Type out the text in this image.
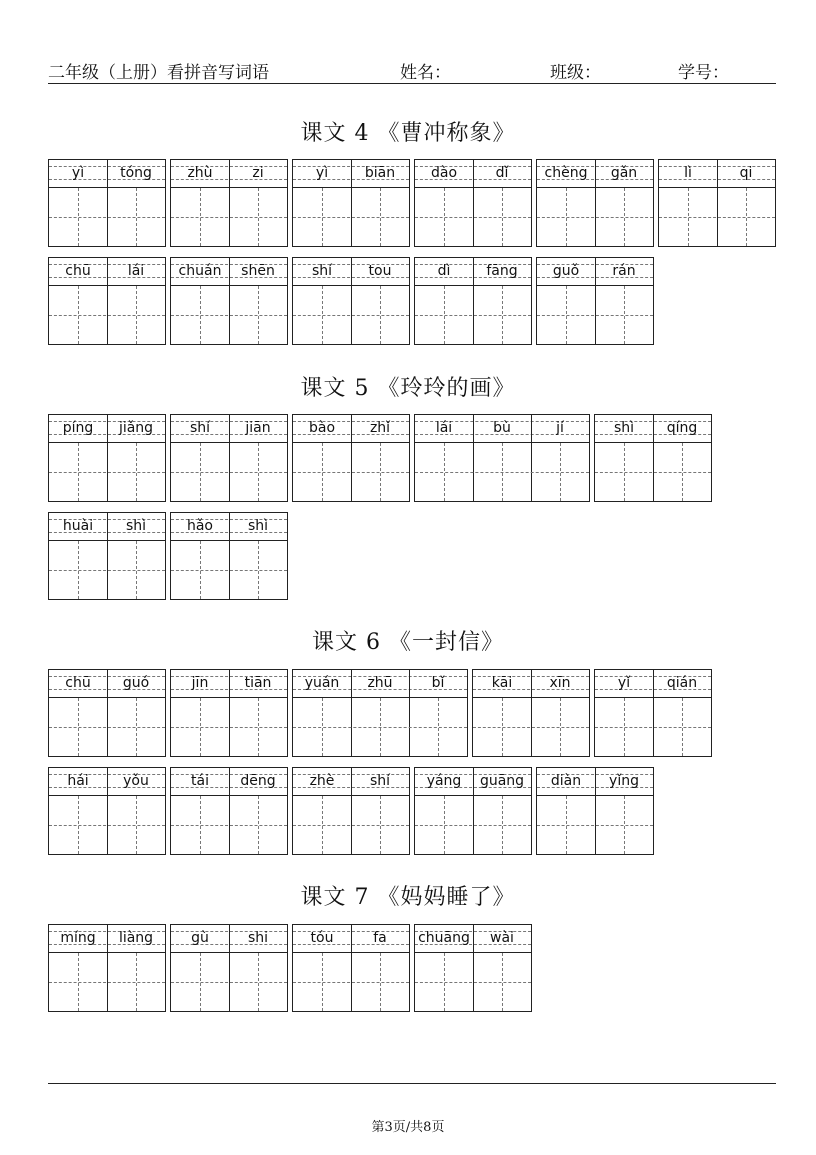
二年级（上册）看拼音写词语	姓名：	班级：	学号：
课文 4 《曹冲称象》
yì	tóng	zhù	zi	yì	biān	dào	dǐ	chèng	gǎn	lì	qi
chū	lái	chuán	shēn	shí	tou	dì	fāng	guǒ	rán
课文 5 《玲玲的画》
píng	jiǎng	shí	jiān	bào	zhǐ	lái	bù	jí	shì	qíng
huài	shì	hǎo	shì
课文 6 《一封信》
chū	guó	jīn	tiān	yuán	zhū	bǐ	kāi	xīn	yǐ	qián
hái	yǒu	tái	dēng	zhè	shí	yáng	guāng	diàn	yǐng
课文 7 《妈妈睡了》
míng	liàng	gù	shi	tóu	fa	chuāng	wài
第3页/共8页
